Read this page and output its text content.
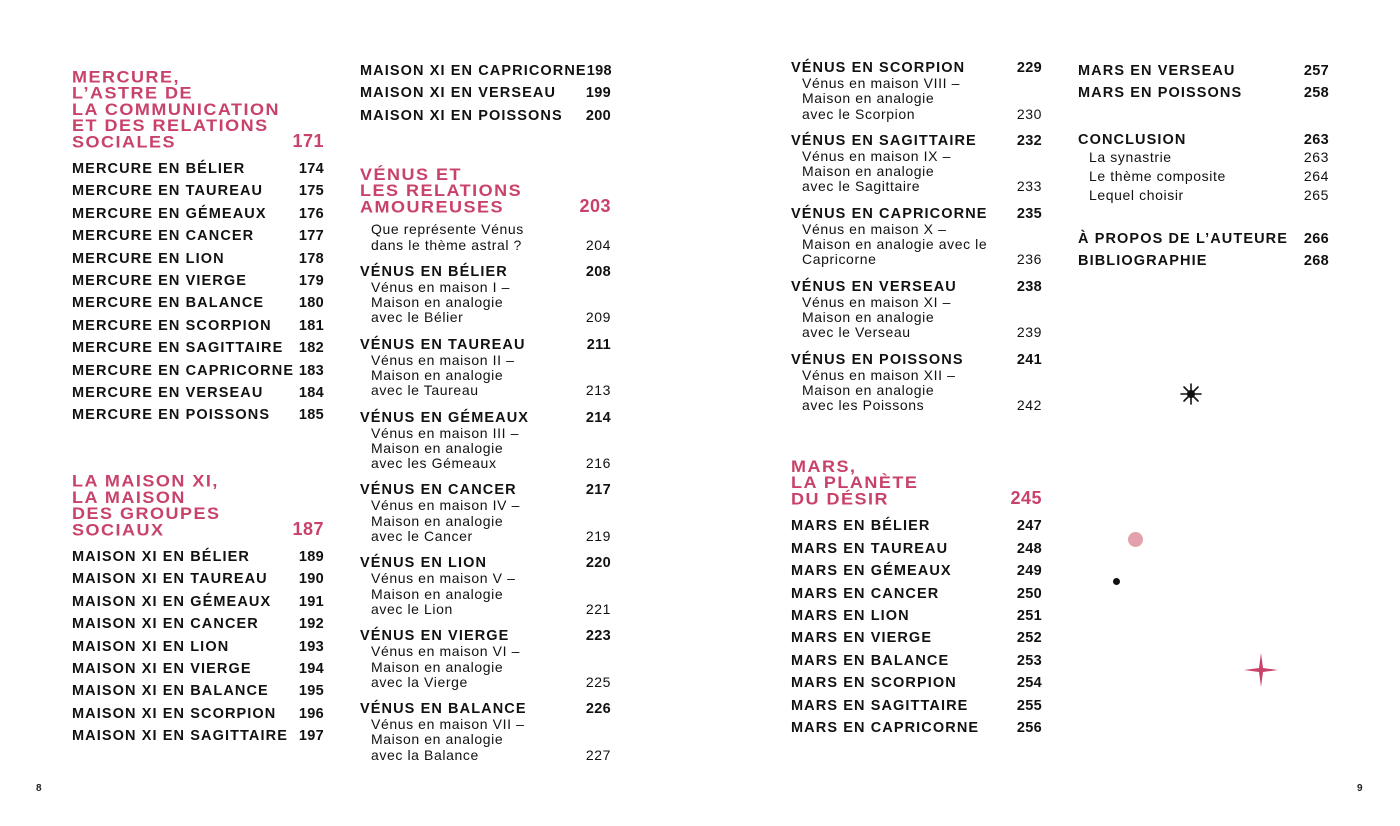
MERCURE,
L’ASTRE DE
LA COMMUNICATION
ET DES RELATIONS
SOCIALES	171
MERCURE EN BÉLIER	174
MERCURE EN TAUREAU 175
MERCURE EN GÉMEAUX 176
MERCURE EN CANCER	177
MERCURE EN LION	178
MERCURE EN VIERGE	179
MERCURE EN BALANCE 180
MERCURE EN SCORPION 181
MERCURE EN SAGITTAIRE 182
MERCURE EN CAPRICORNE 183
MERCURE EN VERSEAU 184
MERCURE EN POISSONS 185
LA MAISON XI,
LA MAISON
DES GROUPES
SOCIAUX	187
MAISON XI EN BÉLIER	189
MAISON XI EN TAUREAU 190
MAISON XI EN GÉMEAUX 191
MAISON XI EN CANCER	192
MAISON XI EN LION	193
MAISON XI EN VIERGE	194
MAISON XI EN BALANCE 195
MAISON XI EN SCORPION 196
MAISON XI EN SAGITTAIRE 197
MAISON XI EN CAPRICORNE 198
MAISON XI EN VERSEAU 199
MAISON XI EN POISSONS 200
VÉNUS ET
LES RELATIONS
AMOUREUSES	203
Que représente Vénus
dans le thème astral ?	204
VÉNUS EN BÉLIER	208
Vénus en maison I –
Maison en analogie
avec le Bélier	209
VÉNUS EN TAUREAU	211
Vénus en maison II –
Maison en analogie
avec le Taureau	213
VÉNUS EN GÉMEAUX	214
Vénus en maison III –
Maison en analogie
avec les Gémeaux	216
VÉNUS EN CANCER	217
Vénus en maison IV –
Maison en analogie
avec le Cancer	219
VÉNUS EN LION	220
Vénus en maison V –
Maison en analogie
avec le Lion	221
VÉNUS EN VIERGE	223
Vénus en maison VI –
Maison en analogie
avec la Vierge	225
VÉNUS EN BALANCE	226
Vénus en maison VII –
Maison en analogie
avec la Balance	227
VÉNUS EN SCORPION	229
Vénus en maison VIII –
Maison en analogie
avec le Scorpion	230
VÉNUS EN SAGITTAIRE	232
Vénus en maison IX –
Maison en analogie
avec le Sagittaire	233
VÉNUS EN CAPRICORNE 235
Vénus en maison X –
Maison en analogie avec le
Capricorne	236
VÉNUS EN VERSEAU	238
Vénus en maison XI –
Maison en analogie
avec le Verseau	239
VÉNUS EN POISSONS	241
Vénus en maison XII –
Maison en analogie
avec les Poissons	242
MARS,
LA PLANÈTE
DU DÉSIR	245
MARS EN BÉLIER	247
MARS EN TAUREAU	248
MARS EN GÉMEAUX	249
MARS EN CANCER	250
MARS EN LION	251
MARS EN VIERGE	252
MARS EN BALANCE	253
MARS EN SCORPION	254
MARS EN SAGITTAIRE	255
MARS EN CAPRICORNE	256
MARS EN VERSEAU	257
MARS EN POISSONS	258
CONCLUSION	263
La synastrie	263
Le thème composite	264
Lequel choisir	265
À PROPOS DE L’AUTEURE 266
BIBLIOGRAPHIE	268
8	9
